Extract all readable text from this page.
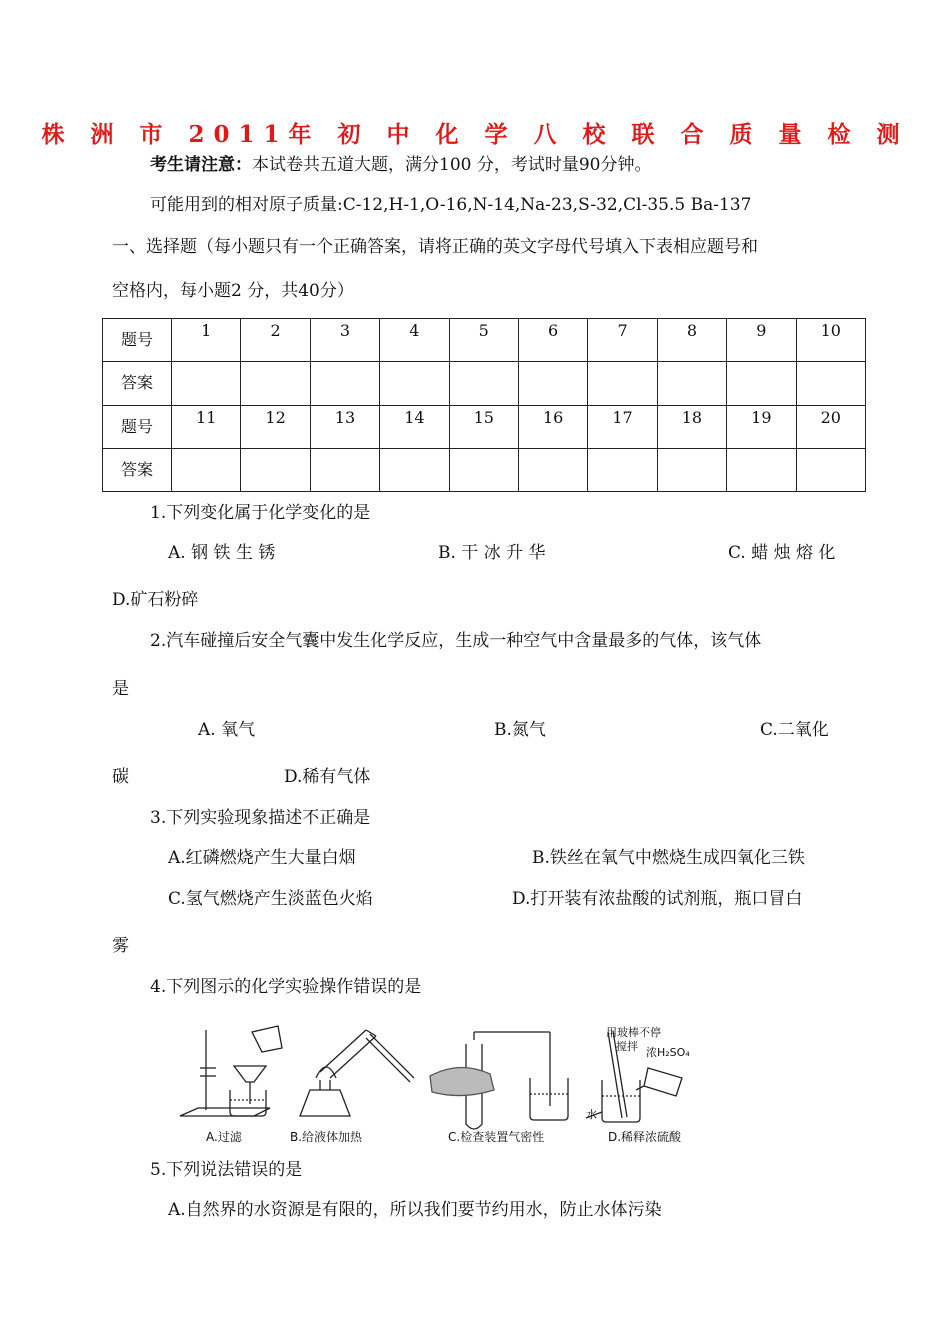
株 洲 市 2011年 初 中 化 学 八 校 联 合 质 量 检 测
考生请注意：本试卷共五道大题，满分100 分，考试时量90分钟。
可能用到的相对原子质量:C-12,H-1,O-16,N-14,Na-23,S-32,Cl-35.5 Ba-137
一、选择题（每小题只有一个正确答案，请将正确的英文字母代号填入下表相应题号和
空格内，每小题2 分，共40分）
题号	1	2	3	4	5	6	7	8	9	10
答案										
题号	11	12	13	14	15	16	17	18	19	20
答案										
1.下列变化属于化学变化的是
A. 钢 铁 生 锈	B. 干 冰 升 华	C. 蜡 烛 熔 化
D.矿石粉碎
2.汽车碰撞后安全气囊中发生化学反应，生成一种空气中含量最多的气体，该气体
是
A. 氧气	B.氮气	C.二氧化
碳	D.稀有气体
3.下列实验现象描述不正确是
A.红磷燃烧产生大量白烟	B.铁丝在氧气中燃烧生成四氧化三铁
C.氢气燃烧产生淡蓝色火焰	D.打开装有浓盐酸的试剂瓶，瓶口冒白
雾
4.下列图示的化学实验操作错误的是
A.过滤	B.给液体加热	C.检查装置气密性	D.稀释浓硫酸
用玻棒不停
搅拌 浓H₂SO₄
水
5.下列说法错误的是
A.自然界的水资源是有限的，所以我们要节约用水，防止水体污染
